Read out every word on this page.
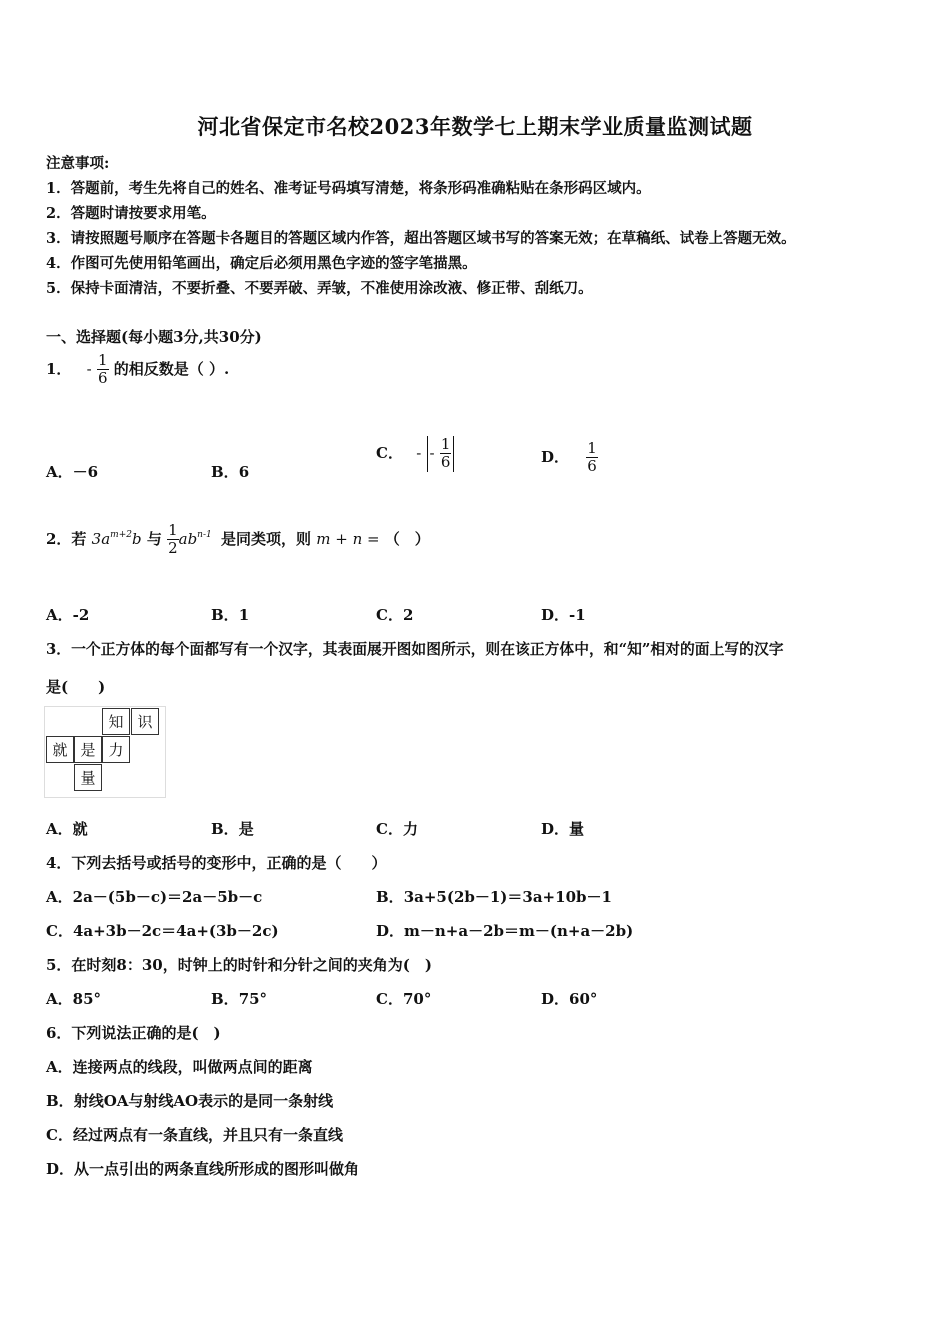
河北省保定市名校2023年数学七上期末学业质量监测试题
注意事项:
1．答题前，考生先将自己的姓名、准考证号码填写清楚，将条形码准确粘贴在条形码区域内。
2．答题时请按要求用笔。
3．请按照题号顺序在答题卡各题目的答题区域内作答，超出答题区域书写的答案无效；在草稿纸、试卷上答题无效。
4．作图可先使用铅笔画出，确定后必须用黑色字迹的签字笔描黑。
5．保持卡面清洁，不要折叠、不要弄破、弄皱，不准使用涂改液、修正带、刮纸刀。
一、选择题(每小题3分,共30分)
1． - $\frac{1}{6}$ 的相反数是（ ）.
A．－6	B．6
C． - - $\frac{1}{6}$	D． $\frac{1}{6}$
2．若 $3a^{m+2}b$ 与 $\frac{1}{2} ab^{n-1}$ 是同类项，则 m + n = （　）
A．-2	B．1	C．2	D．-1
3．一个正方体的每个面都写有一个汉字，其表面展开图如图所示，则在该正方体中，和“知”相对的面上写的汉字
是(　　)
知 识
就 是 力
量
A．就	B．是	C．力	D．量
4．下列去括号或括号的变形中，正确的是（　　）
A．2a－(5b－c)＝2a－5b－c	B．3a+5(2b－1)＝3a+10b－1
C．4a+3b－2c＝4a+(3b－2c)	D．m－n+a－2b＝m－(n+a－2b)
5．在时刻8：30，时钟上的时针和分针之间的夹角为(　)
A．85°	B．75°	C．70°	D．60°
6．下列说法正确的是(　)
A．连接两点的线段，叫做两点间的距离
B．射线OA与射线AO表示的是同一条射线
C．经过两点有一条直线，并且只有一条直线
D．从一点引出的两条直线所形成的图形叫做角
